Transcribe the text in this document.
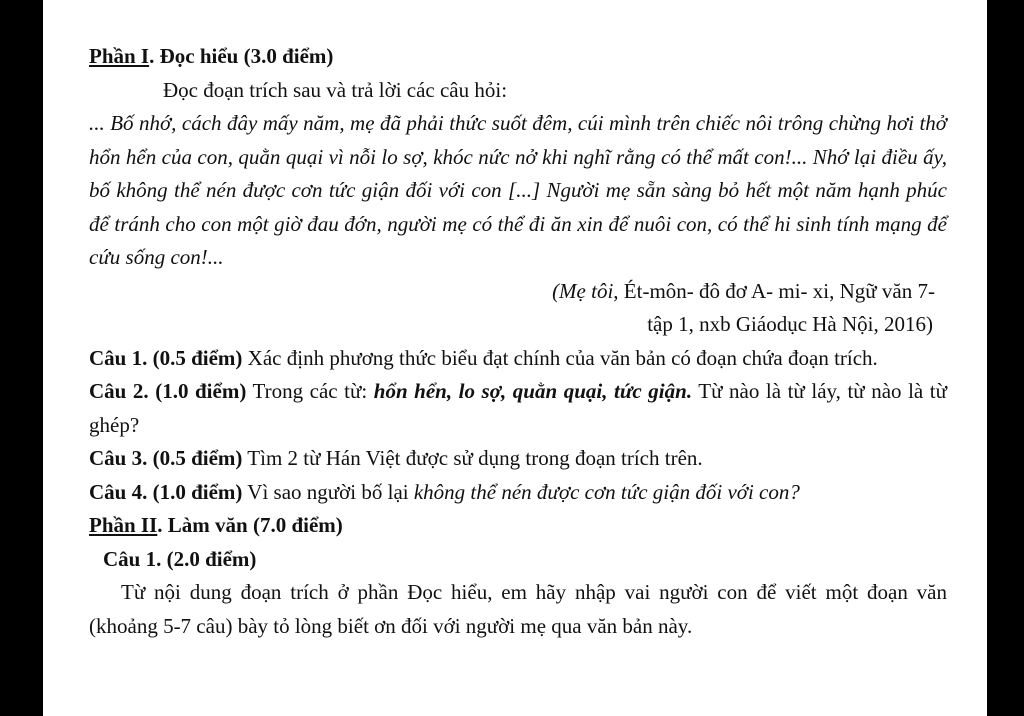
Phần I. Đọc hiểu (3.0 điểm)

Đọc đoạn trích sau và trả lời các câu hỏi:

... Bố nhớ, cách đây mấy năm, mẹ đã phải thức suốt đêm, cúi mình trên chiếc nôi trông chừng hơi thở hổn hển của con, quằn quại vì nỗi lo sợ, khóc nức nở khi nghĩ rằng có thể mất con!... Nhớ lại điều ấy, bố không thể nén được cơn tức giận đối với con [...] Người mẹ sẵn sàng bỏ hết một năm hạnh phúc để tránh cho con một giờ đau đớn, người mẹ có thể đi ăn xin để nuôi con, có thể hi sinh tính mạng để cứu sống con!...

(Mẹ tôi, Ét-môn- đô đơ A- mi- xi, Ngữ văn 7-

tập 1, nxb Giáodục Hà Nội, 2016)

Câu 1. (0.5 điểm) Xác định phương thức biểu đạt chính của văn bản có đoạn chứa đoạn trích.

Câu 2. (1.0 điểm) Trong các từ: hổn hển, lo sợ, quằn quại, tức giận. Từ nào là từ láy, từ nào là từ ghép?

Câu 3. (0.5 điểm) Tìm 2 từ Hán Việt được sử dụng trong đoạn trích trên.

Câu 4. (1.0 điểm) Vì sao người bố lại không thể nén được cơn tức giận đối với con?

Phần II. Làm văn (7.0 điểm)

Câu 1. (2.0 điểm)

Từ nội dung đoạn trích ở phần Đọc hiểu, em hãy nhập vai người con để viết một đoạn văn (khoảng 5-7 câu) bày tỏ lòng biết ơn đối với người mẹ qua văn bản này.
